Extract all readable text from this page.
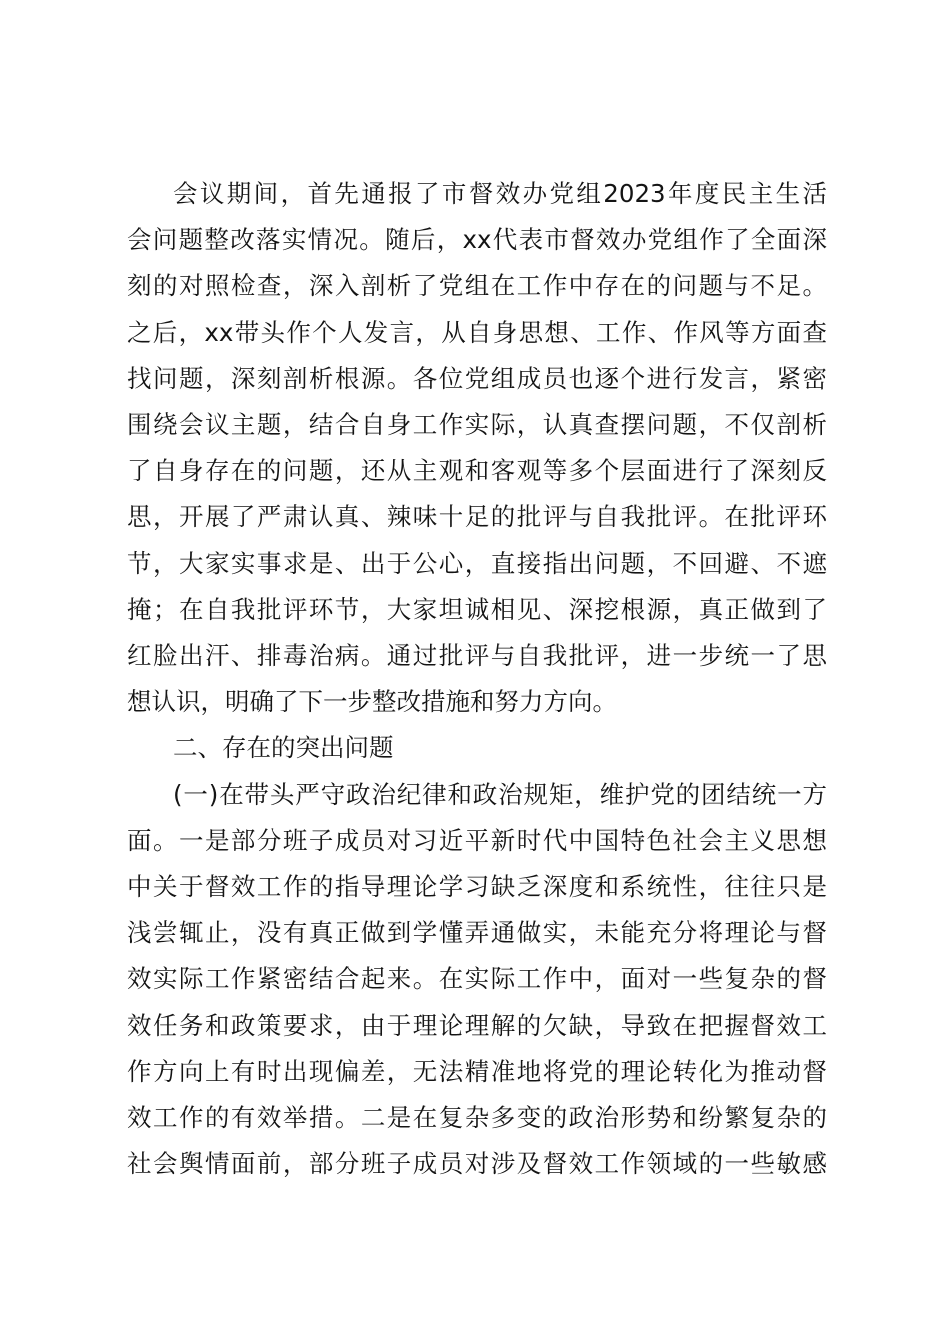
会议期间，首先通报了市督效办党组2023年度民主生活
会问题整改落实情况。随后，xx代表市督效办党组作了全面深
刻的对照检查，深入剖析了党组在工作中存在的问题与不足。
之后，xx带头作个人发言，从自身思想、工作、作风等方面查
找问题，深刻剖析根源。各位党组成员也逐个进行发言，紧密
围绕会议主题，结合自身工作实际，认真查摆问题，不仅剖析
了自身存在的问题，还从主观和客观等多个层面进行了深刻反
思，开展了严肃认真、辣味十足的批评与自我批评。在批评环
节，大家实事求是、出于公心，直接指出问题，不回避、不遮
掩；在自我批评环节，大家坦诚相见、深挖根源，真正做到了
红脸出汗、排毒治病。通过批评与自我批评，进一步统一了思
想认识，明确了下一步整改措施和努力方向。

二、存在的突出问题

(一)在带头严守政治纪律和政治规矩，维护党的团结统一方
面。一是部分班子成员对习近平新时代中国特色社会主义思想
中关于督效工作的指导理论学习缺乏深度和系统性，往往只是
浅尝辄止，没有真正做到学懂弄通做实，未能充分将理论与督
效实际工作紧密结合起来。在实际工作中，面对一些复杂的督
效任务和政策要求，由于理论理解的欠缺，导致在把握督效工
作方向上有时出现偏差，无法精准地将党的理论转化为推动督
效工作的有效举措。二是在复杂多变的政治形势和纷繁复杂的
社会舆情面前，部分班子成员对涉及督效工作领域的一些敏感
